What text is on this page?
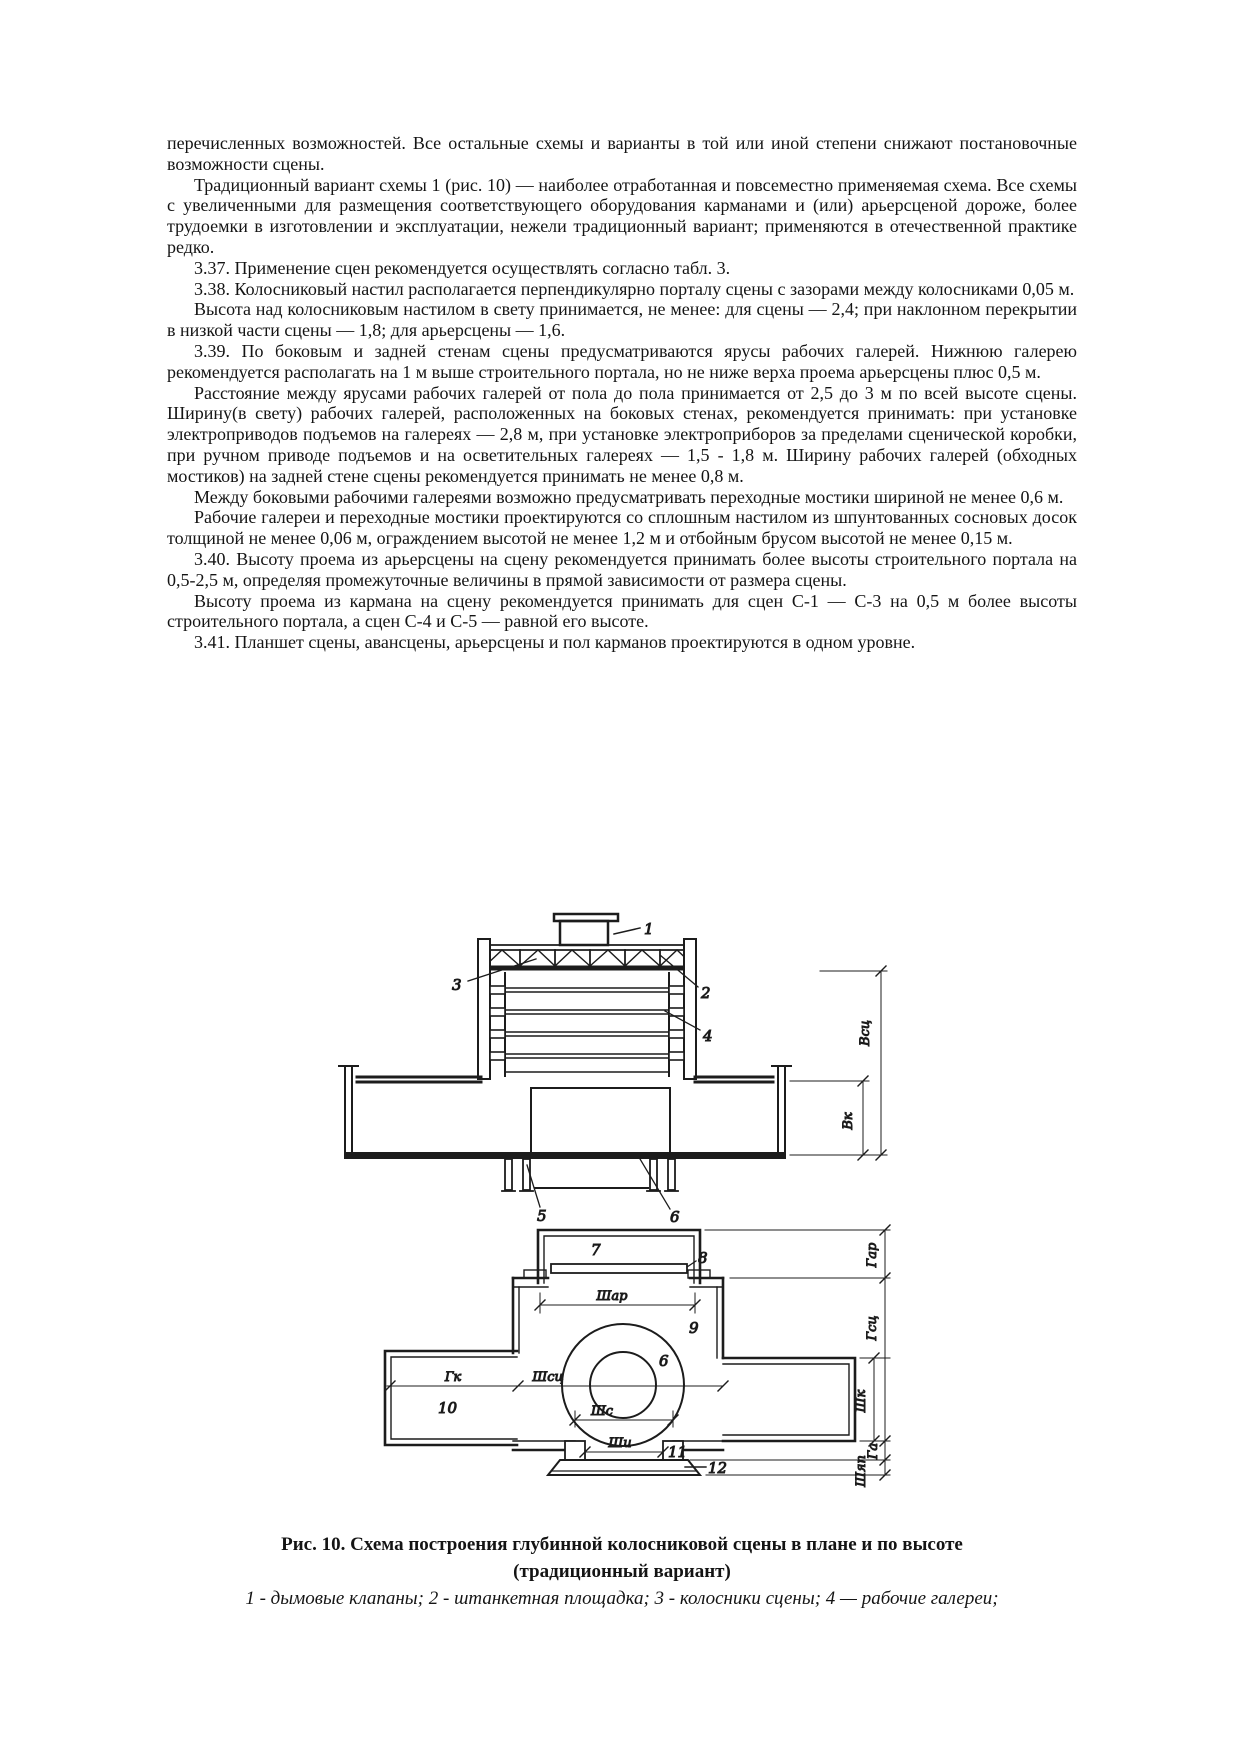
перечисленных возможностей. Все остальные схемы и варианты в той или иной степени снижают постановочные возможности сцены.

Традиционный вариант схемы 1 (рис. 10) — наиболее отработанная и повсеместно применяемая схема. Все схемы с увеличенными для размещения соответствующего оборудования карманами и (или) арьерсценой дороже, более трудоемки в изготовлении и эксплуатации, нежели традиционный вариант; применяются в отечественной практике редко.

3.37. Применение сцен рекомендуется осуществлять согласно табл. 3.

3.38. Колосниковый настил располагается перпендикулярно порталу сцены с зазорами между колосниками 0,05 м.

Высота над колосниковым настилом в свету принимается, не менее: для сцены — 2,4; при наклонном перекрытии в низкой части сцены — 1,8; для арьерсцены — 1,6.

3.39. По боковым и задней стенам сцены предусматриваются ярусы рабочих галерей. Нижнюю галерею рекомендуется располагать на 1 м выше строительного портала, но не ниже верха проема арьерсцены плюс 0,5 м.

Расстояние между ярусами рабочих галерей от пола до пола принимается от 2,5 до 3 м по всей высоте сцены. Ширину(в свету) рабочих галерей, расположенных на боковых стенах, рекомендуется принимать: при установке электроприводов подъемов на галереях — 2,8 м, при установке электроприборов за пределами сценической коробки, при ручном приводе подъемов и на осветительных галереях — 1,5 - 1,8 м. Ширину рабочих галерей (обходных мостиков) на задней стене сцены рекомендуется принимать не менее 0,8 м.

Между боковыми рабочими галереями возможно предусматривать переходные мостики шириной не менее 0,6 м.

Рабочие галереи и переходные мостики проектируются со сплошным настилом из шпунтованных сосновых досок толщиной не менее 0,06 м, ограждением высотой не менее 1,2 м и отбойным брусом высотой не менее 0,15 м.

3.40. Высоту проема из арьерсцены на сцену рекомендуется принимать более высоты строительного портала на 0,5-2,5 м, определяя промежуточные величины в прямой зависимости от размера сцены.

Высоту проема из кармана на сцену рекомендуется принимать для сцен С-1 — С-3 на 0,5 м более высоты строительного портала, а сцен С-4 и С-5 — равной его высоте.

3.41. Планшет сцены, авансцены, арьерсцены и пол карманов проектируются в одном уровне.

1
3	2
4
5	6
Всц
Вк
7	8
10
9
6
11
12
Шар
Гк	Шсц
Шс
Ши
Гар
Гсц
Шк
Га
Шяп
Рис. 10. Схема построения глубинной колосниковой сцены в плане и по высоте
(традиционный вариант)
1 - дымовые клапаны; 2 - штанкетная площадка; 3 - колосники сцены; 4 — рабочие галереи;
